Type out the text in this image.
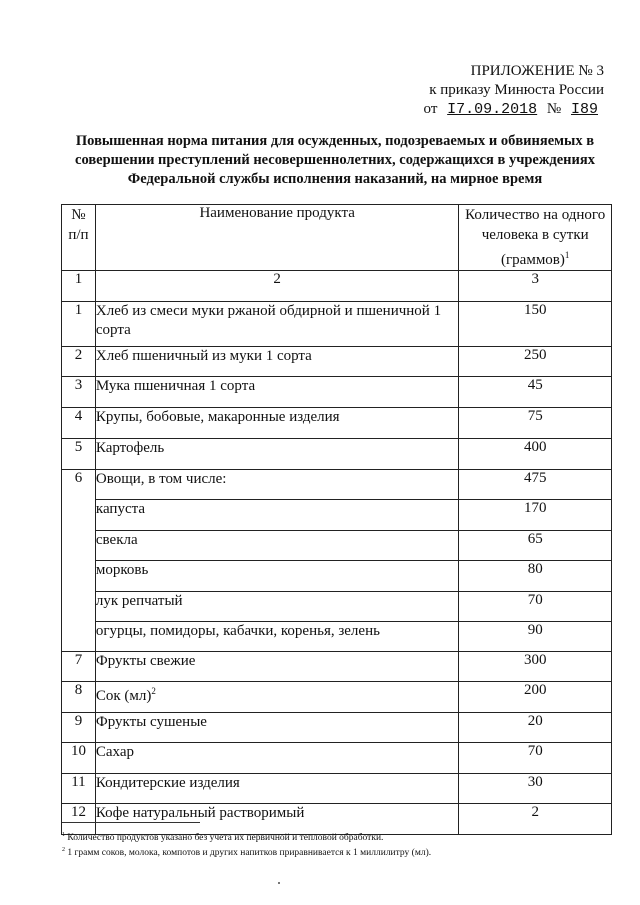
ПРИЛОЖЕНИЕ № 3
к приказу Минюста России
от I7.09.2018 № I89
Повышенная норма питания для осужденных, подозреваемых и обвиняемых в совершении преступлений несовершеннолетних, содержащихся в учреждениях Федеральной службы исполнения наказаний, на мирное время
№
п/п	Наименование продукта	Количество на одного человека в сутки (граммов)$^1$
1	2	3
1	Хлеб из смеси муки ржаной обдирной и пшеничной 1 сорта	150
2	Хлеб пшеничный из муки 1 сорта	250
3	Мука пшеничная 1 сорта	45
4	Крупы, бобовые, макаронные изделия	75
5	Картофель	400
6	Овощи, в том числе:	475
	капуста	170
	свекла	65
	морковь	80
	лук репчатый	70
	огурцы, помидоры, кабачки, коренья, зелень	90
7	Фрукты свежие	300
8	Сок (мл)$^2$	200
9	Фрукты сушеные	20
10	Сахар	70
11	Кондитерские изделия	30
12	Кофе натуральный растворимый	2
$^1$ Количество продуктов указано без учета их первичной и тепловой обработки.
$^2$ 1 грамм соков, молока, компотов и других напитков приравнивается к 1 миллилитру (мл).
